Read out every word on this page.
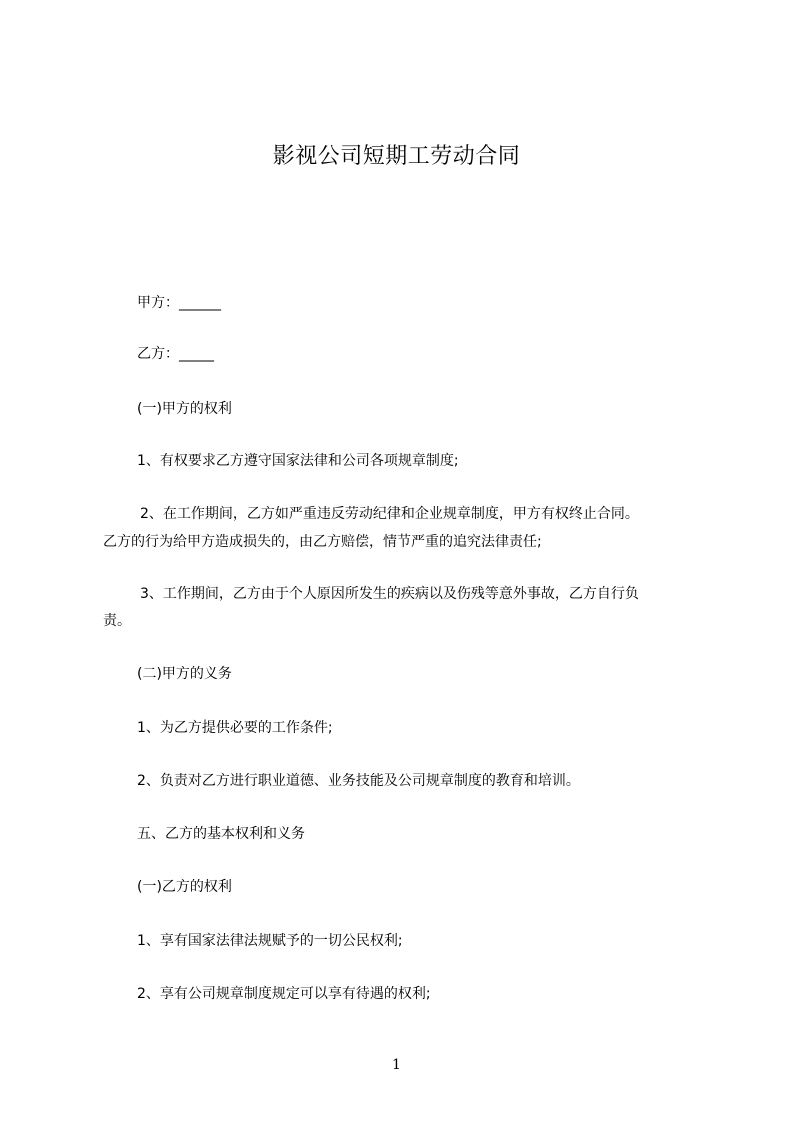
影视公司短期工劳动合同
甲方：______
乙方：_____
(一)甲方的权利
1、有权要求乙方遵守国家法律和公司各项规章制度;
2、在工作期间，乙方如严重违反劳动纪律和企业规章制度，甲方有权终止合同。
乙方的行为给甲方造成损失的，由乙方赔偿，情节严重的追究法律责任;
3、工作期间，乙方由于个人原因所发生的疾病以及伤残等意外事故，乙方自行负
责。
(二)甲方的义务
1、为乙方提供必要的工作条件;
2、负责对乙方进行职业道德、业务技能及公司规章制度的教育和培训。
五、乙方的基本权利和义务
(一)乙方的权利
1、享有国家法律法规赋予的一切公民权利;
2、享有公司规章制度规定可以享有待遇的权利;
1
